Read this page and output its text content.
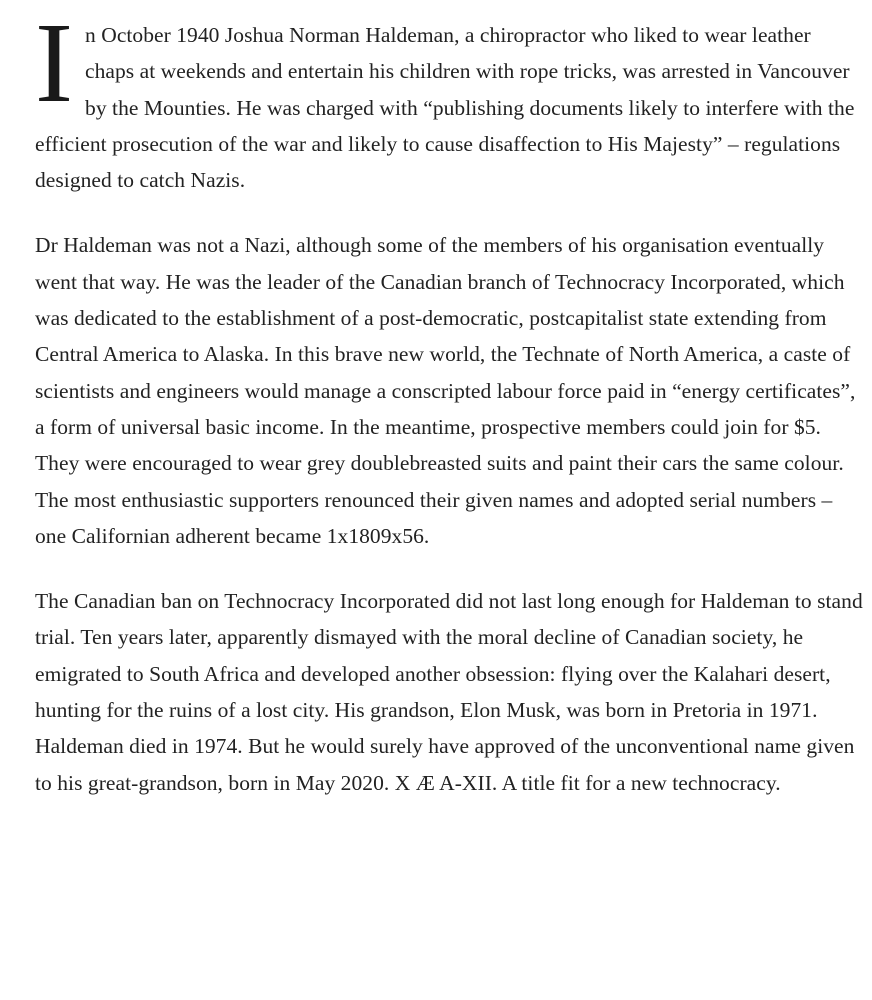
In October 1940 Joshua Norman Haldeman, a chiropractor who liked to wear leather chaps at weekends and entertain his children with rope tricks, was arrested in Vancouver by the Mounties. He was charged with “publishing documents likely to interfere with the efficient prosecution of the war and likely to cause disaffection to His Majesty” – regulations designed to catch Nazis.

Dr Haldeman was not a Nazi, although some of the members of his organisation eventually went that way. He was the leader of the Canadian branch of Technocracy Incorporated, which was dedicated to the establishment of a post-democratic, postcapitalist state extending from Central America to Alaska. In this brave new world, the Technate of North America, a caste of scientists and engineers would manage a conscripted labour force paid in “energy certificates”, a form of universal basic income. In the meantime, prospective members could join for $5. They were encouraged to wear grey doublebreasted suits and paint their cars the same colour. The most enthusiastic supporters renounced their given names and adopted serial numbers – one Californian adherent became 1x1809x56.

The Canadian ban on Technocracy Incorporated did not last long enough for Haldeman to stand trial. Ten years later, apparently dismayed with the moral decline of Canadian society, he emigrated to South Africa and developed another obsession: flying over the Kalahari desert, hunting for the ruins of a lost city. His grandson, Elon Musk, was born in Pretoria in 1971. Haldeman died in 1974. But he would surely have approved of the unconventional name given to his great-grandson, born in May 2020. X Æ A-XII. A title fit for a new technocracy.
